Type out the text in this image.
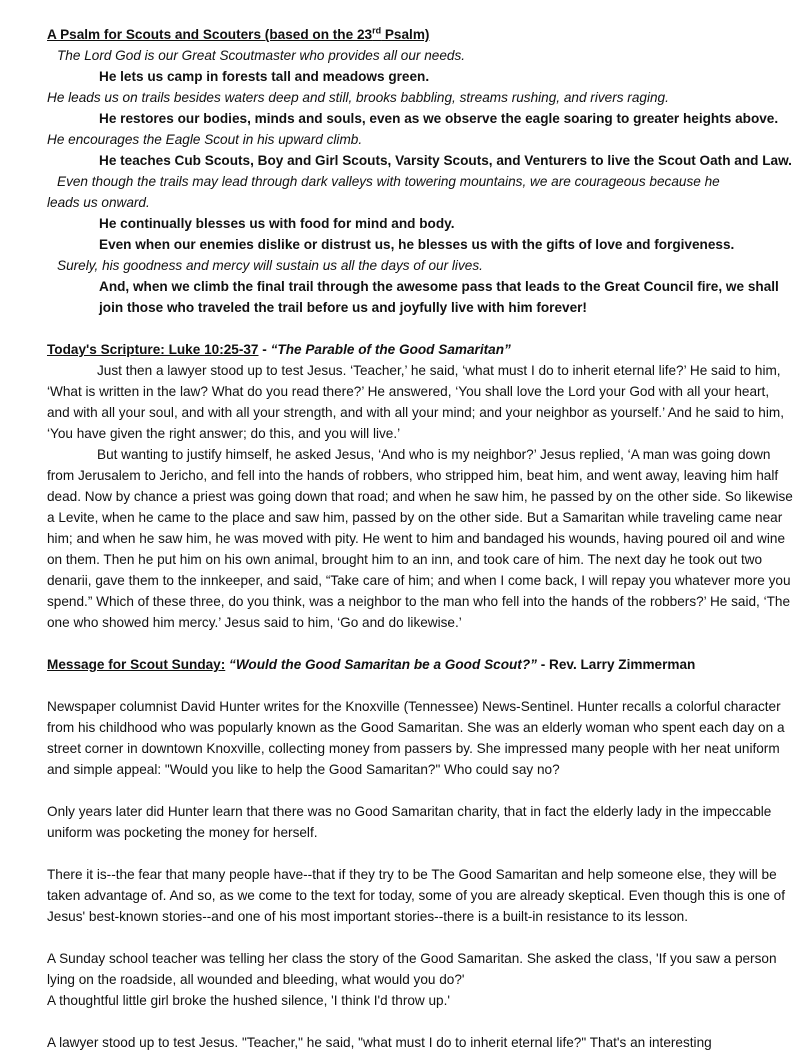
A Psalm for Scouts and Scouters (based on the 23rd Psalm)

The Lord God is our Great Scoutmaster who provides all our needs.

He lets us camp in forests tall and meadows green.

He leads us on trails besides waters deep and still, brooks babbling, streams rushing, and rivers raging.

He restores our bodies, minds and souls, even as we observe the eagle soaring to greater heights above.

He encourages the Eagle Scout in his upward climb.

He teaches Cub Scouts, Boy and Girl Scouts, Varsity Scouts, and Venturers to live the Scout Oath and Law.

Even though the trails may lead through dark valleys with towering mountains, we are courageous because he

leads us onward.

He continually blesses us with food for mind and body.

Even when our enemies dislike or distrust us, he blesses us with the gifts of love and forgiveness.

Surely, his goodness and mercy will sustain us all the days of our lives.

And, when we climb the final trail through the awesome pass that leads to the Great Council fire, we shall

join those who traveled the trail before us and joyfully live with him forever!

Today's Scripture: Luke 10:25-37 - “The Parable of the Good Samaritan”

Just then a lawyer stood up to test Jesus. ‘Teacher,’ he said, ‘what must I do to inherit eternal life?’ He said to him, ‘What is written in the law? What do you read there?’ He answered, ‘You shall love the Lord your God with all your heart, and with all your soul, and with all your strength, and with all your mind; and your neighbor as yourself.’ And he said to him, ‘You have given the right answer; do this, and you will live.’

But wanting to justify himself, he asked Jesus, ‘And who is my neighbor?’ Jesus replied, ‘A man was going down from Jerusalem to Jericho, and fell into the hands of robbers, who stripped him, beat him, and went away, leaving him half dead. Now by chance a priest was going down that road; and when he saw him, he passed by on the other side. So likewise a Levite, when he came to the place and saw him, passed by on the other side. But a Samaritan while traveling came near him; and when he saw him, he was moved with pity. He went to him and bandaged his wounds, having poured oil and wine on them. Then he put him on his own animal, brought him to an inn, and took care of him. The next day he took out two denarii, gave them to the innkeeper, and said, “Take care of him; and when I come back, I will repay you whatever more you spend.” Which of these three, do you think, was a neighbor to the man who fell into the hands of the robbers?’ He said, ‘The one who showed him mercy.’ Jesus said to him, ‘Go and do likewise.’

Message for Scout Sunday: “Would the Good Samaritan be a Good Scout?” - Rev. Larry Zimmerman

Newspaper columnist David Hunter writes for the Knoxville (Tennessee) News-Sentinel. Hunter recalls a colorful character from his childhood who was popularly known as the Good Samaritan. She was an elderly woman who spent each day on a street corner in downtown Knoxville, collecting money from passers by. She impressed many people with her neat uniform and simple appeal: "Would you like to help the Good Samaritan?" Who could say no?

Only years later did Hunter learn that there was no Good Samaritan charity, that in fact the elderly lady in the impeccable uniform was pocketing the money for herself.

There it is--the fear that many people have--that if they try to be The Good Samaritan and help someone else, they will be taken advantage of. And so, as we come to the text for today, some of you are already skeptical. Even though this is one of Jesus' best-known stories--and one of his most important stories--there is a built-in resistance to its lesson.

A Sunday school teacher was telling her class the story of the Good Samaritan. She asked the class, 'If you saw a person lying on the roadside, all wounded and bleeding, what would you do?'

A thoughtful little girl broke the hushed silence, 'I think I'd throw up.'

A lawyer stood up to test Jesus. "Teacher," he said, "what must I do to inherit eternal life?" That's an interesting
